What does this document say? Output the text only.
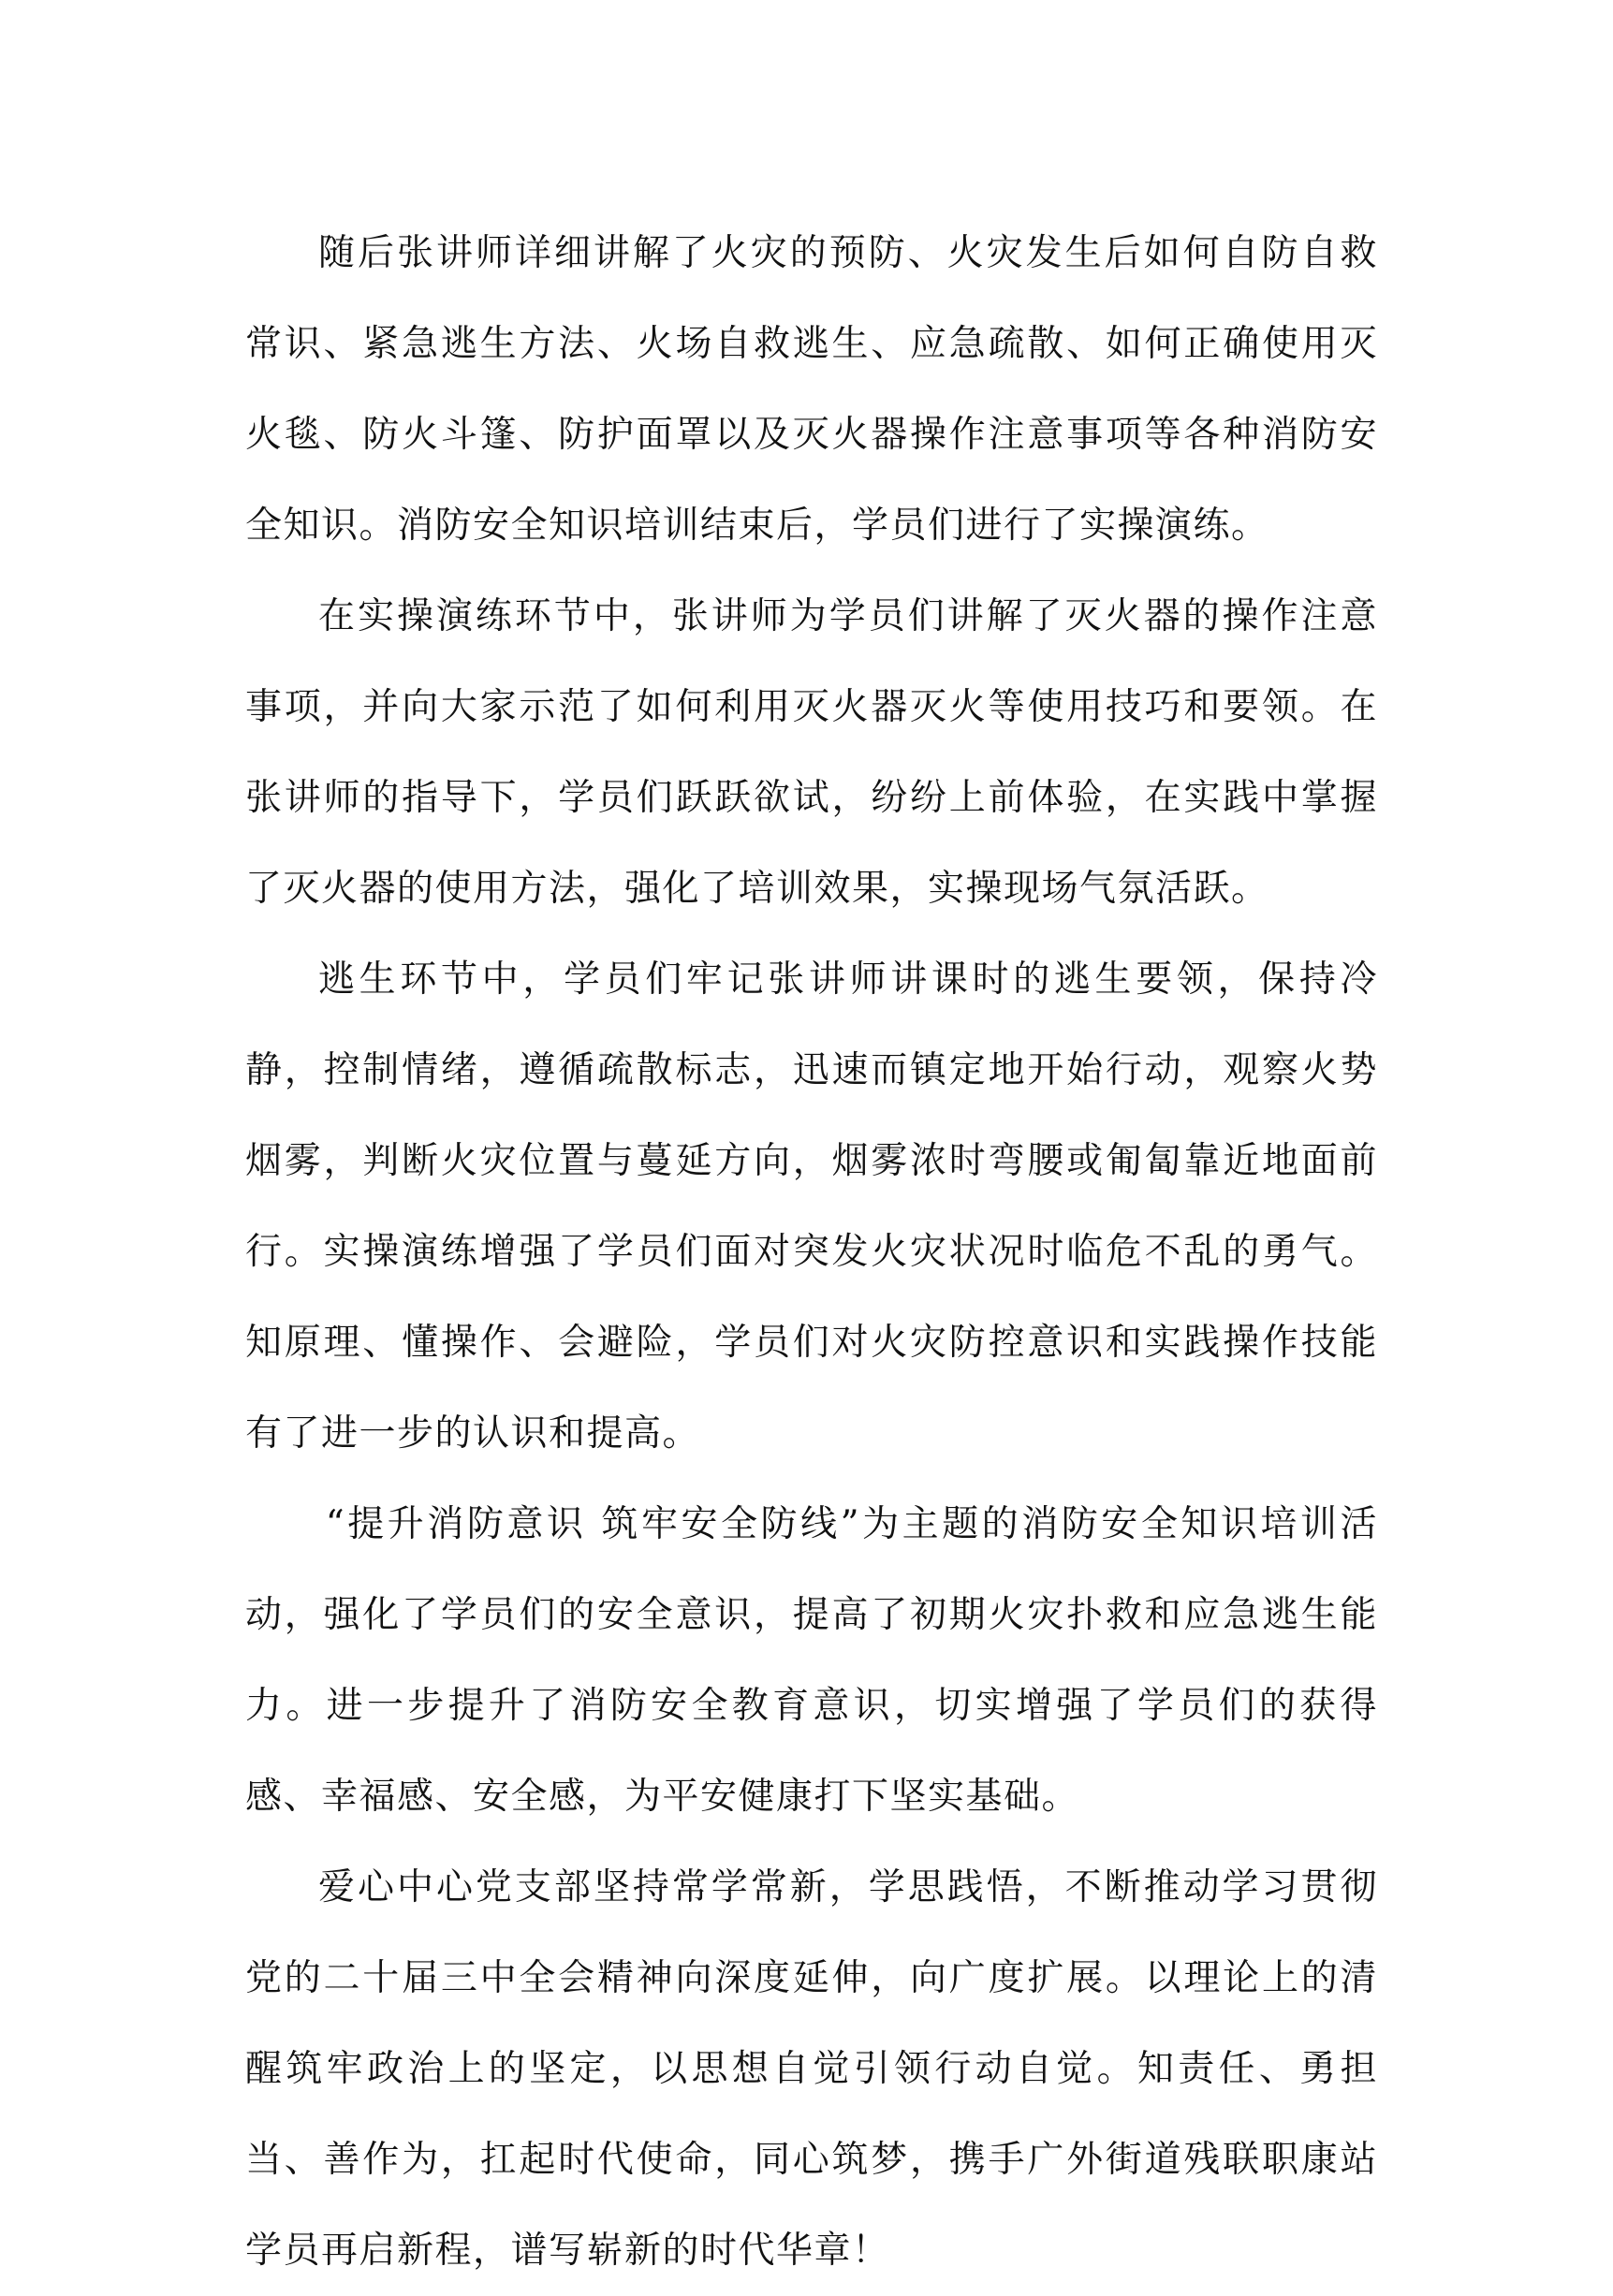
随后张讲师详细讲解了火灾的预防、火灾发生后如何自防自救常识、紧急逃生方法、火场自救逃生、应急疏散、如何正确使用灭火毯、防火斗篷、防护面罩以及灭火器操作注意事项等各种消防安全知识。消防安全知识培训结束后，学员们进行了实操演练。

在实操演练环节中，张讲师为学员们讲解了灭火器的操作注意事项，并向大家示范了如何利用灭火器灭火等使用技巧和要领。在张讲师的指导下，学员们跃跃欲试，纷纷上前体验，在实践中掌握了灭火器的使用方法，强化了培训效果，实操现场气氛活跃。

逃生环节中，学员们牢记张讲师讲课时的逃生要领，保持冷静，控制情绪，遵循疏散标志，迅速而镇定地开始行动，观察火势烟雾，判断火灾位置与蔓延方向，烟雾浓时弯腰或匍匐靠近地面前行。实操演练增强了学员们面对突发火灾状况时临危不乱的勇气。知原理、懂操作、会避险，学员们对火灾防控意识和实践操作技能有了进一步的认识和提高。

“提升消防意识 筑牢安全防线”为主题的消防安全知识培训活动，强化了学员们的安全意识，提高了初期火灾扑救和应急逃生能力。进一步提升了消防安全教育意识，切实增强了学员们的获得感、幸福感、安全感，为平安健康打下坚实基础。

爱心中心党支部坚持常学常新，学思践悟，不断推动学习贯彻党的二十届三中全会精神向深度延伸，向广度扩展。以理论上的清醒筑牢政治上的坚定，以思想自觉引领行动自觉。知责任、勇担当、善作为，扛起时代使命，同心筑梦，携手广外街道残联职康站学员再启新程，谱写崭新的时代华章！
